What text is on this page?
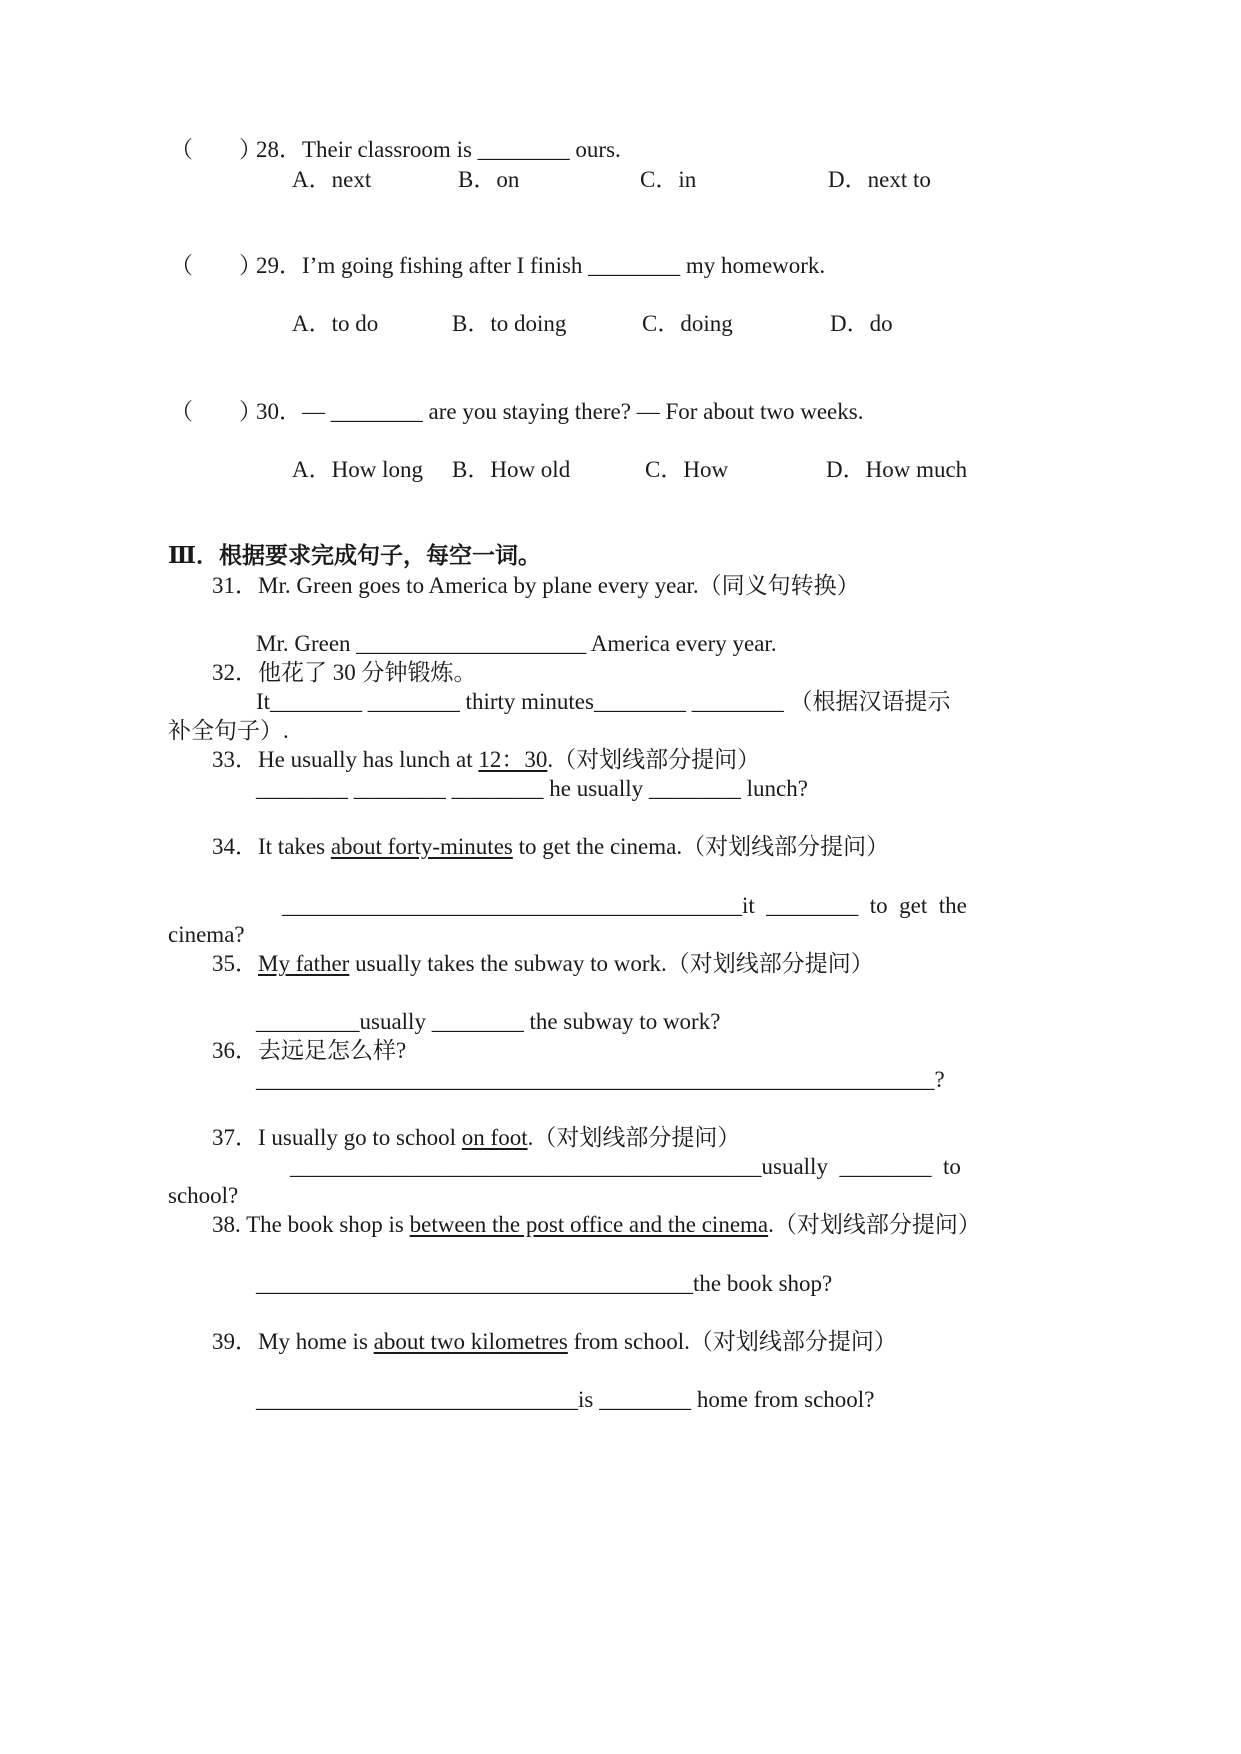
（　　）
28．Their classroom is ________ ours.
A．next	B．on	C．in	D．next to
（　　）
29．I’m going fishing after I finish ________ my homework.
A．to do	B．to doing	C．doing	D．do
（　　）
30．— ________ are you staying there? — For about two weeks.
A．How long B．How old	C．How	D．How much
Ⅲ．根据要求完成句子，每空一词。
31．Mr. Green goes to America by plane every year.（同义句转换）
Mr. Green ____________________ America every year.
32．他花了 30 分钟锻炼。
It________ ________ thirty minutes________ ________ （根据汉语提示
补全句子）.
33．He usually has lunch at 12：30.（对划线部分提问）
________ ________ ________ he usually ________ lunch?
34．It takes about forty-minutes to get the cinema.（对划线部分提问）
________________________________________it  ________  to  get  the
cinema?
35．My father usually takes the subway to work.（对划线部分提问）
_________usually ________ the subway to work?
36．去远足怎么样?
___________________________________________________________?
37．I usually go to school on foot.（对划线部分提问）
_________________________________________usually  ________  to
school?
38. The book shop is between the post office and the cinema.（对划线部分提问）
______________________________________the book shop?
39．My home is about two kilometres from school.（对划线部分提问）
____________________________is ________ home from school?
